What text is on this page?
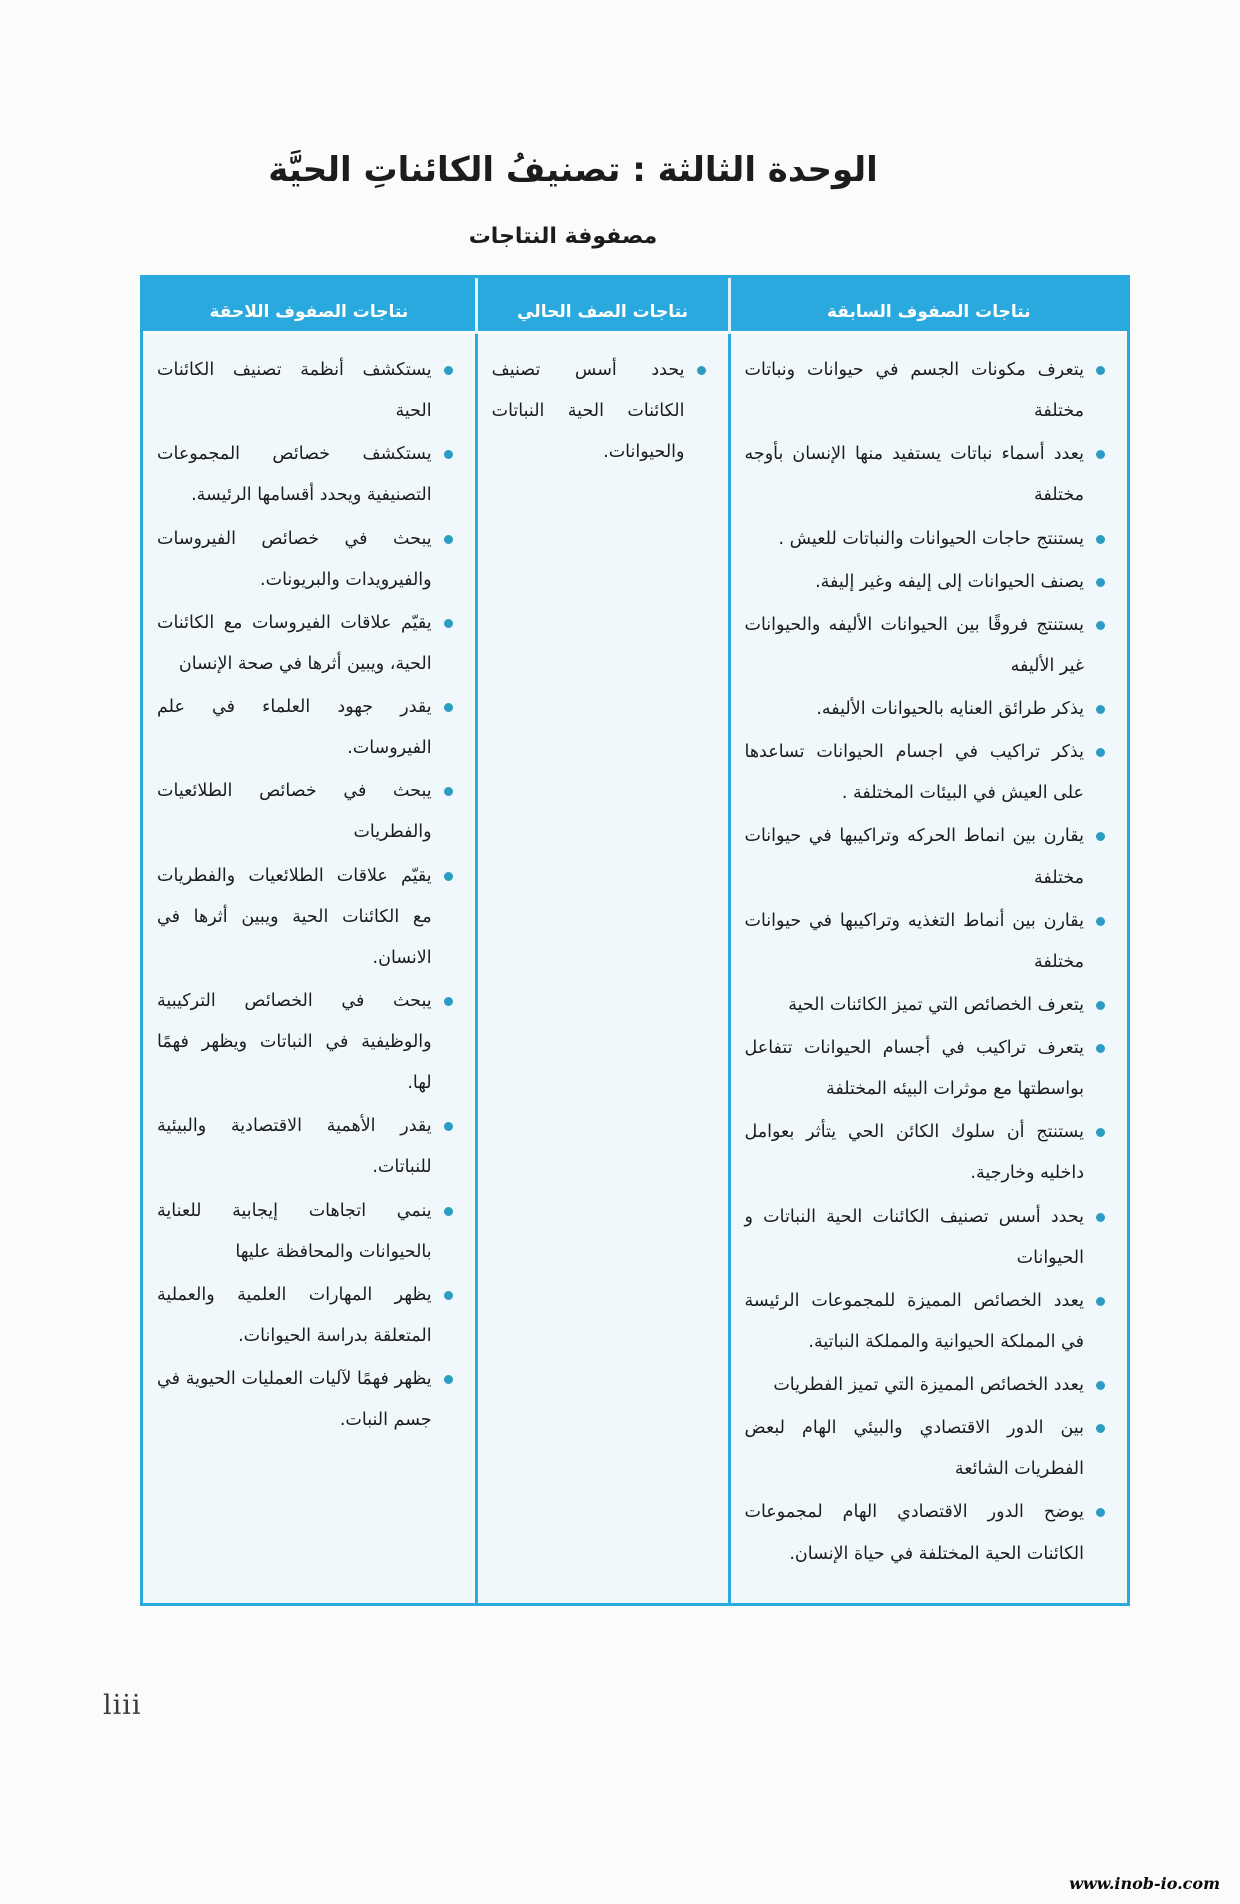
الوحدة الثالثة : تصنيفُ الكائناتِ الحيَّة
مصفوفة النتاجات
نتاجات الصفوف السابقة
يتعرف مكونات الجسم في حيوانات ونباتات مختلفة
يعدد أسماء نباتات يستفيد منها الإنسان بأوجه مختلفة
يستنتج حاجات الحيوانات والنباتات للعيش .
يصنف الحيوانات إلى إليفه وغير إليفة.
يستنتج فروقًا بين الحيوانات الأليفه والحيوانات غير الأليفه
يذكر طرائق العنايه بالحيوانات الأليفه.
يذكر تراكيب في اجسام الحيوانات تساعدها على العيش في البيئات المختلفة .
يقارن بين انماط الحركه وتراكيبها في حيوانات مختلفة
يقارن بين أنماط التغذيه وتراكيبها في حيوانات مختلفة
يتعرف الخصائص التي تميز الكائنات الحية
يتعرف تراكيب في أجسام الحيوانات تتفاعل بواسطتها مع موثرات البيئه المختلفة
يستنتج أن سلوك الكائن الحي يتأثر بعوامل داخليه وخارجية.
يحدد أسس تصنيف الكائنات الحية النباتات و الحيوانات
يعدد الخصائص المميزة للمجموعات الرئيسة في المملكة الحيوانية والمملكة النباتية.
يعدد الخصائص المميزة التي تميز الفطريات
بين الدور الاقتصادي والبيئي الهام لبعض الفطريات الشائعة
يوضح الدور الاقتصادي الهام لمجموعات الكائنات الحية المختلفة في حياة الإنسان.
نتاجات الصف الحالي
يحدد أسس تصنيف الكائنات الحية النباتات والحيوانات.
نتاجات الصفوف اللاحقة
يستكشف أنظمة تصنيف الكائنات الحية
يستكشف خصائص المجموعات التصنيفية ويحدد أقسامها الرئيسة.
يبحث في خصائص الفيروسات والفيرويدات والبريونات.
يقيّم علاقات الفيروسات مع الكائنات الحية، ويبين أثرها في صحة الإنسان
يقدر جهود العلماء في علم الفيروسات.
يبحث في خصائص الطلائعيات والفطريات
يقيّم علاقات الطلائعيات والفطريات مع الكائنات الحية ويبين أثرها في الانسان.
يبحث في الخصائص التركيبية والوظيفية في النباتات ويظهر فهمًا لها.
يقدر الأهمية الاقتصادية والبيئية للنباتات.
ينمي اتجاهات إيجابية للعناية بالحيوانات والمحافظة عليها
يظهر المهارات العلمية والعملية المتعلقة بدراسة الحيوانات.
يظهر فهمًا لآليات العمليات الحيوية في جسم النبات.
liii
www.inob-io.com
